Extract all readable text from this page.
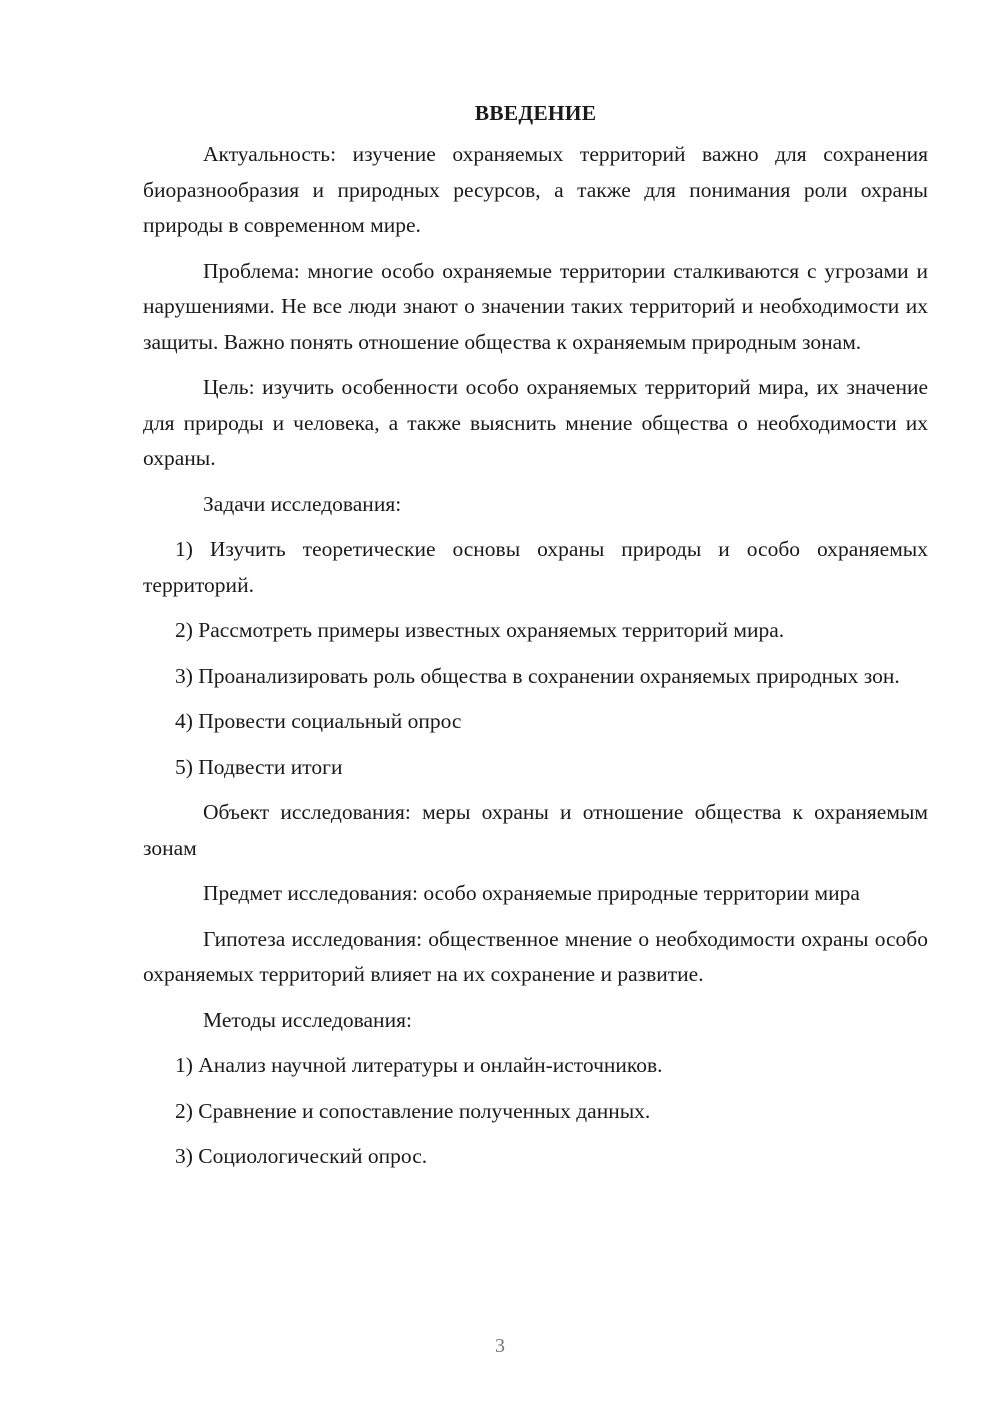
ВВЕДЕНИЕ

Актуальность: изучение охраняемых территорий важно для сохранения биоразнообразия и природных ресурсов, а также для понимания роли охраны природы в современном мире.

Проблема: многие особо охраняемые территории сталкиваются с угрозами и нарушениями. Не все люди знают о значении таких территорий и необходимости их защиты. Важно понять отношение общества к охраняемым природным зонам.

Цель: изучить особенности особо охраняемых территорий мира, их значение для природы и человека, а также выяснить мнение общества о необходимости их охраны.

Задачи исследования:

1) Изучить теоретические основы охраны природы и особо охраняемых территорий.

2) Рассмотреть примеры известных охраняемых территорий мира.

3) Проанализировать роль общества в сохранении охраняемых природных зон.

4) Провести социальный опрос

5) Подвести итоги

Объект исследования: меры охраны и отношение общества к охраняемым зонам

Предмет исследования: особо охраняемые природные территории мира

Гипотеза исследования: общественное мнение о необходимости охраны особо охраняемых территорий влияет на их сохранение и развитие.

Методы исследования:

1) Анализ научной литературы и онлайн-источников.

2) Сравнение и сопоставление полученных данных.

3) Социологический опрос.

3
